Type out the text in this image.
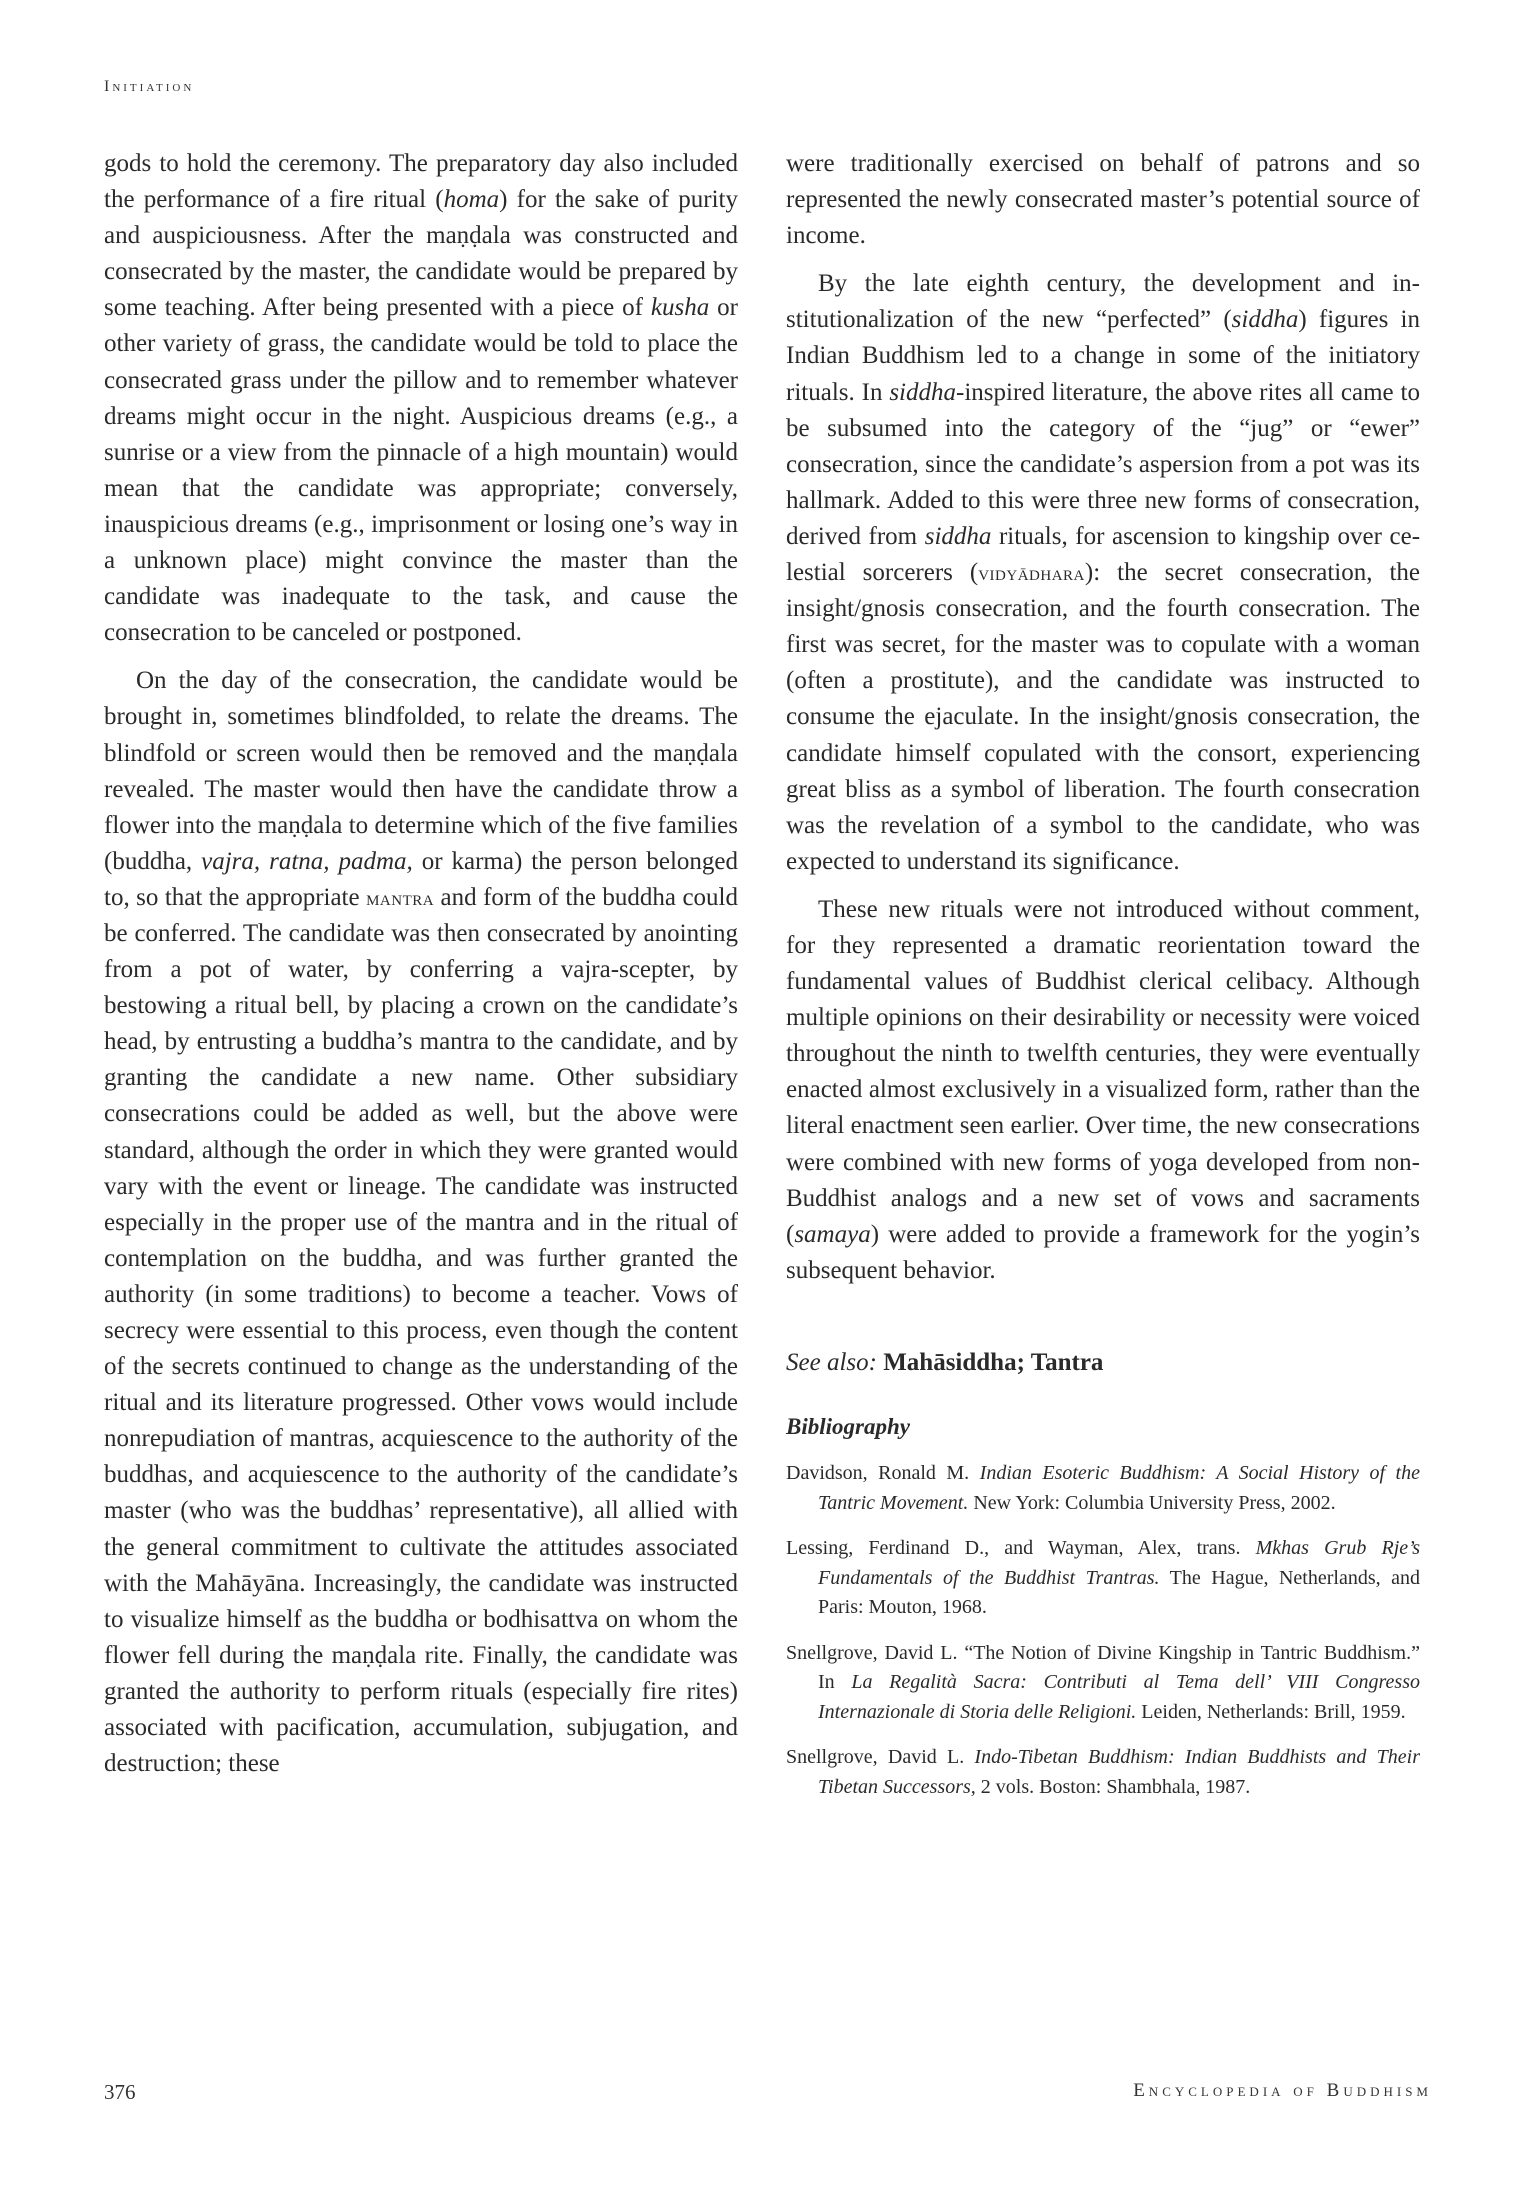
Initiation

gods to hold the ceremony. The preparatory day also included the performance of a fire ritual (homa) for the sake of purity and auspiciousness. After the maṇḍala was constructed and consecrated by the master, the candidate would be prepared by some teaching. After being presented with a piece of kusha or other variety of grass, the candidate would be told to place the consecrated grass under the pillow and to remember whatever dreams might occur in the night. Auspicious dreams (e.g., a sunrise or a view from the pinnacle of a high mountain) would mean that the candidate was appropriate; conversely, inauspicious dreams (e.g., imprisonment or losing one’s way in a unknown place) might convince the master than the candidate was inadequate to the task, and cause the consecration to be canceled or postponed.

On the day of the consecration, the candidate would be brought in, sometimes blindfolded, to relate the dreams. The blindfold or screen would then be removed and the maṇḍala revealed. The master would then have the candidate throw a flower into the maṇḍala to determine which of the five families (buddha, vajra, ratna, padma, or karma) the person belonged to, so that the appropriate mantra and form of the buddha could be conferred. The candidate was then consecrated by anointing from a pot of water, by conferring a vajra-scepter, by bestowing a ritual bell, by placing a crown on the candidate’s head, by entrusting a buddha’s mantra to the candidate, and by granting the candidate a new name. Other subsidiary consecrations could be added as well, but the above were standard, although the order in which they were granted would vary with the event or lineage. The candidate was instructed especially in the proper use of the mantra and in the ritual of contemplation on the buddha, and was further granted the authority (in some traditions) to become a teacher. Vows of secrecy were essential to this process, even though the content of the secrets continued to change as the understanding of the ritual and its literature progressed. Other vows would include nonrepudiation of mantras, acquiescence to the authority of the buddhas, and acquiescence to the authority of the candidate’s master (who was the buddhas’ representative), all allied with the general commitment to cultivate the attitudes associated with the Mahāyāna. Increasingly, the candidate was instructed to visualize himself as the buddha or bodhisattva on whom the flower fell during the maṇḍala rite. Finally, the candidate was granted the authority to perform rituals (especially fire rites) associated with pacification, accumulation, subjugation, and destruction; these

were traditionally exercised on behalf of patrons and so represented the newly consecrated master’s potential source of income.

By the late eighth century, the development and institutionalization of the new “perfected” (siddha) figures in Indian Buddhism led to a change in some of the initiatory rituals. In siddha-inspired literature, the above rites all came to be subsumed into the category of the “jug” or “ewer” consecration, since the candidate’s aspersion from a pot was its hallmark. Added to this were three new forms of consecration, derived from siddha rituals, for ascension to kingship over celestial sorcerers (vidyādhara): the secret consecration, the insight/gnosis consecration, and the fourth consecration. The first was secret, for the master was to copulate with a woman (often a prostitute), and the candidate was instructed to consume the ejaculate. In the insight/gnosis consecration, the candidate himself copulated with the consort, experiencing great bliss as a symbol of liberation. The fourth consecration was the revelation of a symbol to the candidate, who was expected to understand its significance.

These new rituals were not introduced without comment, for they represented a dramatic reorientation toward the fundamental values of Buddhist clerical celibacy. Although multiple opinions on their desirability or necessity were voiced throughout the ninth to twelfth centuries, they were eventually enacted almost exclusively in a visualized form, rather than the literal enactment seen earlier. Over time, the new consecrations were combined with new forms of yoga developed from non-Buddhist analogs and a new set of vows and sacraments (samaya) were added to provide a framework for the yogin’s subsequent behavior.

See also: Mahāsiddha; Tantra

Bibliography

Davidson, Ronald M. Indian Esoteric Buddhism: A Social History of the Tantric Movement. New York: Columbia University Press, 2002.

Lessing, Ferdinand D., and Wayman, Alex, trans. Mkhas Grub Rje’s Fundamentals of the Buddhist Trantras. The Hague, Netherlands, and Paris: Mouton, 1968.

Snellgrove, David L. “The Notion of Divine Kingship in Tantric Buddhism.” In La Regalità Sacra: Contributi al Tema dell’ VIII Congresso Internazionale di Storia delle Religioni. Leiden, Netherlands: Brill, 1959.

Snellgrove, David L. Indo-Tibetan Buddhism: Indian Buddhists and Their Tibetan Successors, 2 vols. Boston: Shambhala, 1987.

376	Encyclopedia of Buddhism
